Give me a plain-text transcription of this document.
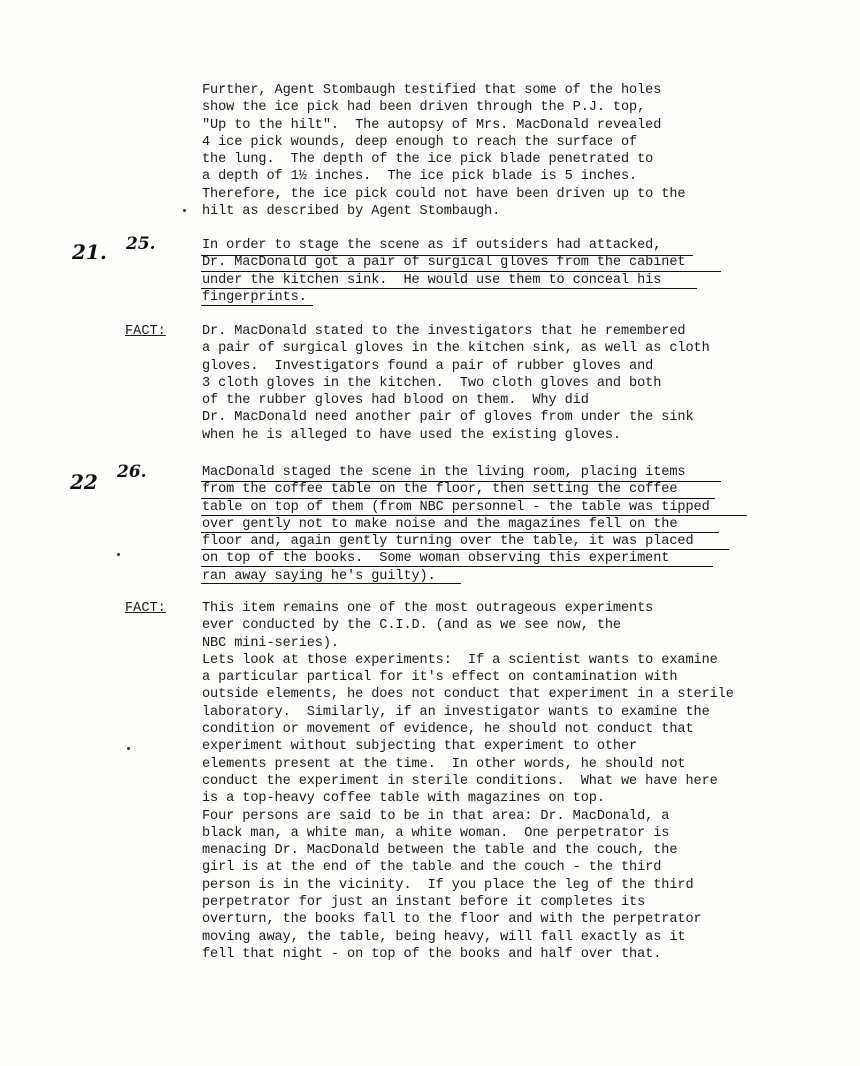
Further, Agent Stombaugh testified that some of the holes
show the ice pick had been driven through the P.J. top,
"Up to the hilt".  The autopsy of Mrs. MacDonald revealed
4 ice pick wounds, deep enough to reach the surface of
the lung.  The depth of the ice pick blade penetrated to
a depth of 1½ inches.  The ice pick blade is 5 inches.
Therefore, the ice pick could not have been driven up to the
hilt as described by Agent Stombaugh.
21. 25.	In order to stage the scene as if outsiders had attacked,
Dr. MacDonald got a pair of surgical gloves from the cabinet
under the kitchen sink.  He would use them to conceal his
fingerprints.
FACT:	Dr. MacDonald stated to the investigators that he remembered
a pair of surgical gloves in the kitchen sink, as well as cloth
gloves.  Investigators found a pair of rubber gloves and
3 cloth gloves in the kitchen.  Two cloth gloves and both
of the rubber gloves had blood on them.  Why did
Dr. MacDonald need another pair of gloves from under the sink
when he is alleged to have used the existing gloves.
22 26.	MacDonald staged the scene in the living room, placing items
from the coffee table on the floor, then setting the coffee
table on top of them (from NBC personnel - the table was tipped
over gently not to make noise and the magazines fell on the
floor and, again gently turning over the table, it was placed
on top of the books.  Some woman observing this experiment
ran away saying he's guilty).
FACT:	This item remains one of the most outrageous experiments
ever conducted by the C.I.D. (and as we see now, the
NBC mini-series).
Lets look at those experiments:  If a scientist wants to examine
a particular partical for it's effect on contamination with
outside elements, he does not conduct that experiment in a sterile
laboratory.  Similarly, if an investigator wants to examine the
condition or movement of evidence, he should not conduct that
experiment without subjecting that experiment to other
elements present at the time.  In other words, he should not
conduct the experiment in sterile conditions.  What we have here
is a top-heavy coffee table with magazines on top.
Four persons are said to be in that area: Dr. MacDonald, a
black man, a white man, a white woman.  One perpetrator is
menacing Dr. MacDonald between the table and the couch, the
girl is at the end of the table and the couch - the third
person is in the vicinity.  If you place the leg of the third
perpetrator for just an instant before it completes its
overturn, the books fall to the floor and with the perpetrator
moving away, the table, being heavy, will fall exactly as it
fell that night - on top of the books and half over that.
